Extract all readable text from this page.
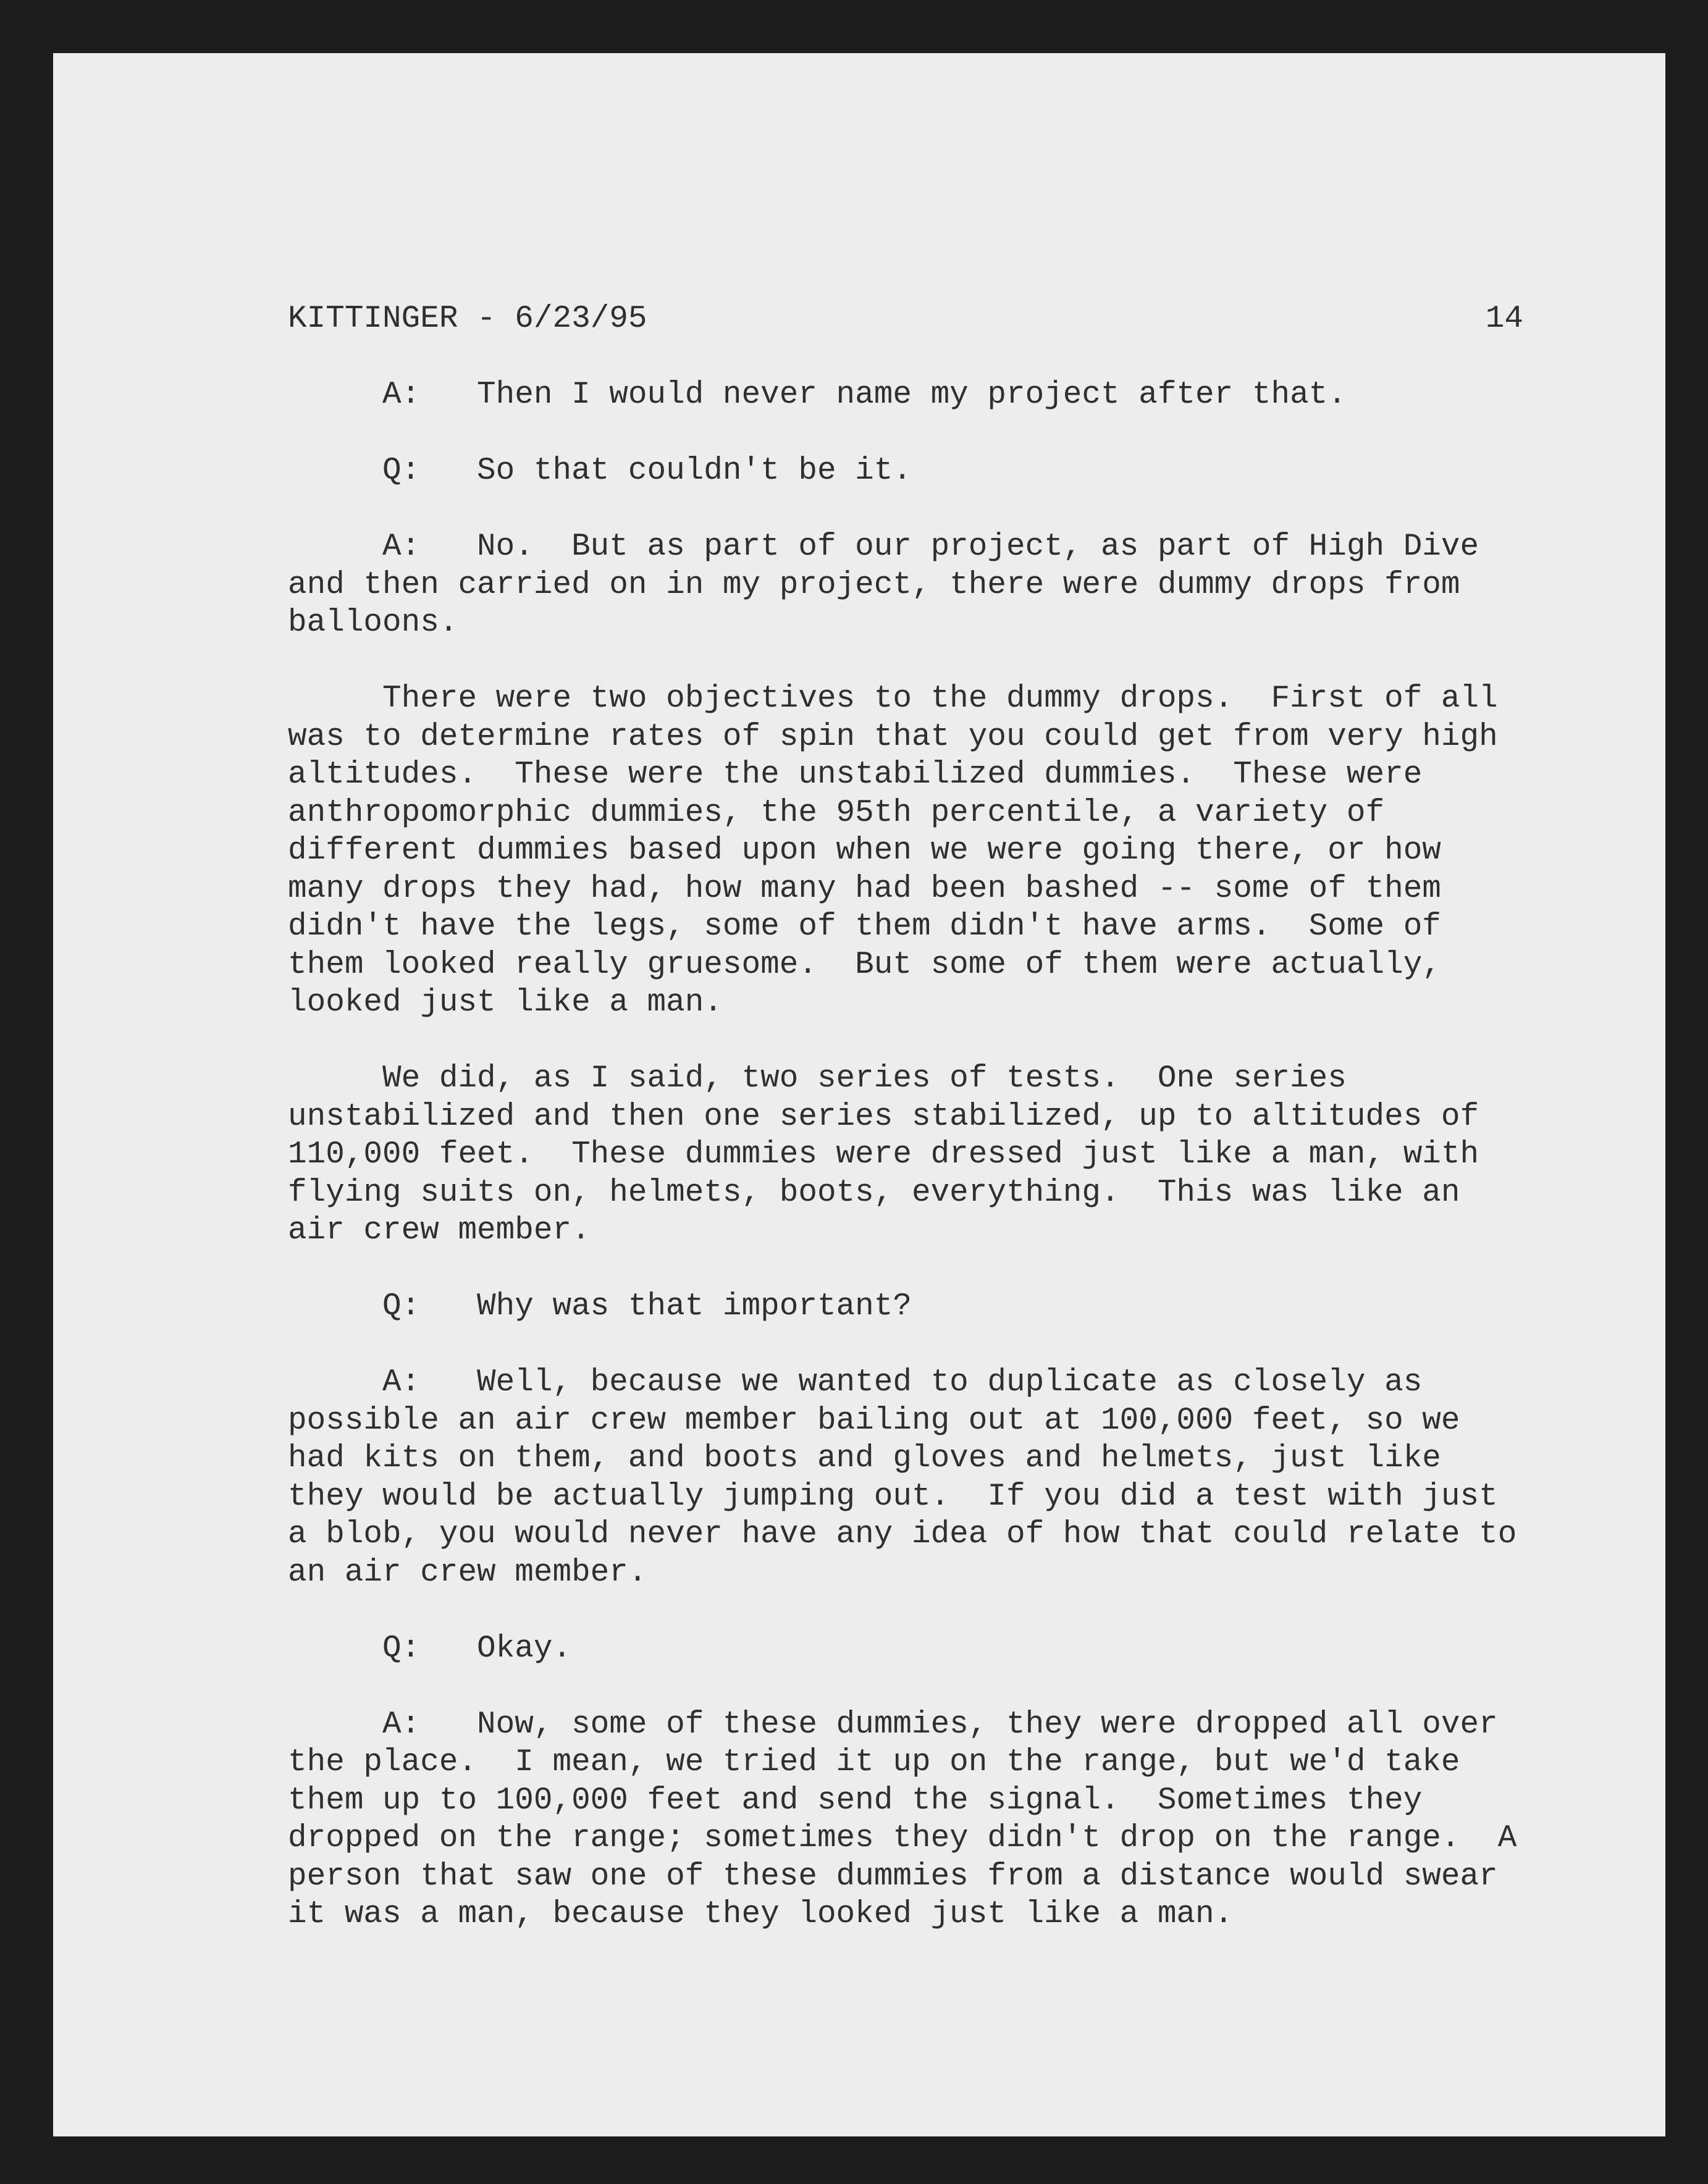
KITTINGER - 6/23/95	14
A:   Then I would never name my project after that.
Q:   So that couldn't be it.
A:   No.  But as part of our project, as part of High Dive
and then carried on in my project, there were dummy drops from
balloons.
There were two objectives to the dummy drops.  First of all
was to determine rates of spin that you could get from very high
altitudes.  These were the unstabilized dummies.  These were
anthropomorphic dummies, the 95th percentile, a variety of
different dummies based upon when we were going there, or how
many drops they had, how many had been bashed -- some of them
didn't have the legs, some of them didn't have arms.  Some of
them looked really gruesome.  But some of them were actually,
looked just like a man.
We did, as I said, two series of tests.  One series
unstabilized and then one series stabilized, up to altitudes of
110,000 feet.  These dummies were dressed just like a man, with
flying suits on, helmets, boots, everything.  This was like an
air crew member.
Q:   Why was that important?
A:   Well, because we wanted to duplicate as closely as
possible an air crew member bailing out at 100,000 feet, so we
had kits on them, and boots and gloves and helmets, just like
they would be actually jumping out.  If you did a test with just
a blob, you would never have any idea of how that could relate to
an air crew member.
Q:   Okay.
A:   Now, some of these dummies, they were dropped all over
the place.  I mean, we tried it up on the range, but we'd take
them up to 100,000 feet and send the signal.  Sometimes they
dropped on the range; sometimes they didn't drop on the range.  A
person that saw one of these dummies from a distance would swear
it was a man, because they looked just like a man.
